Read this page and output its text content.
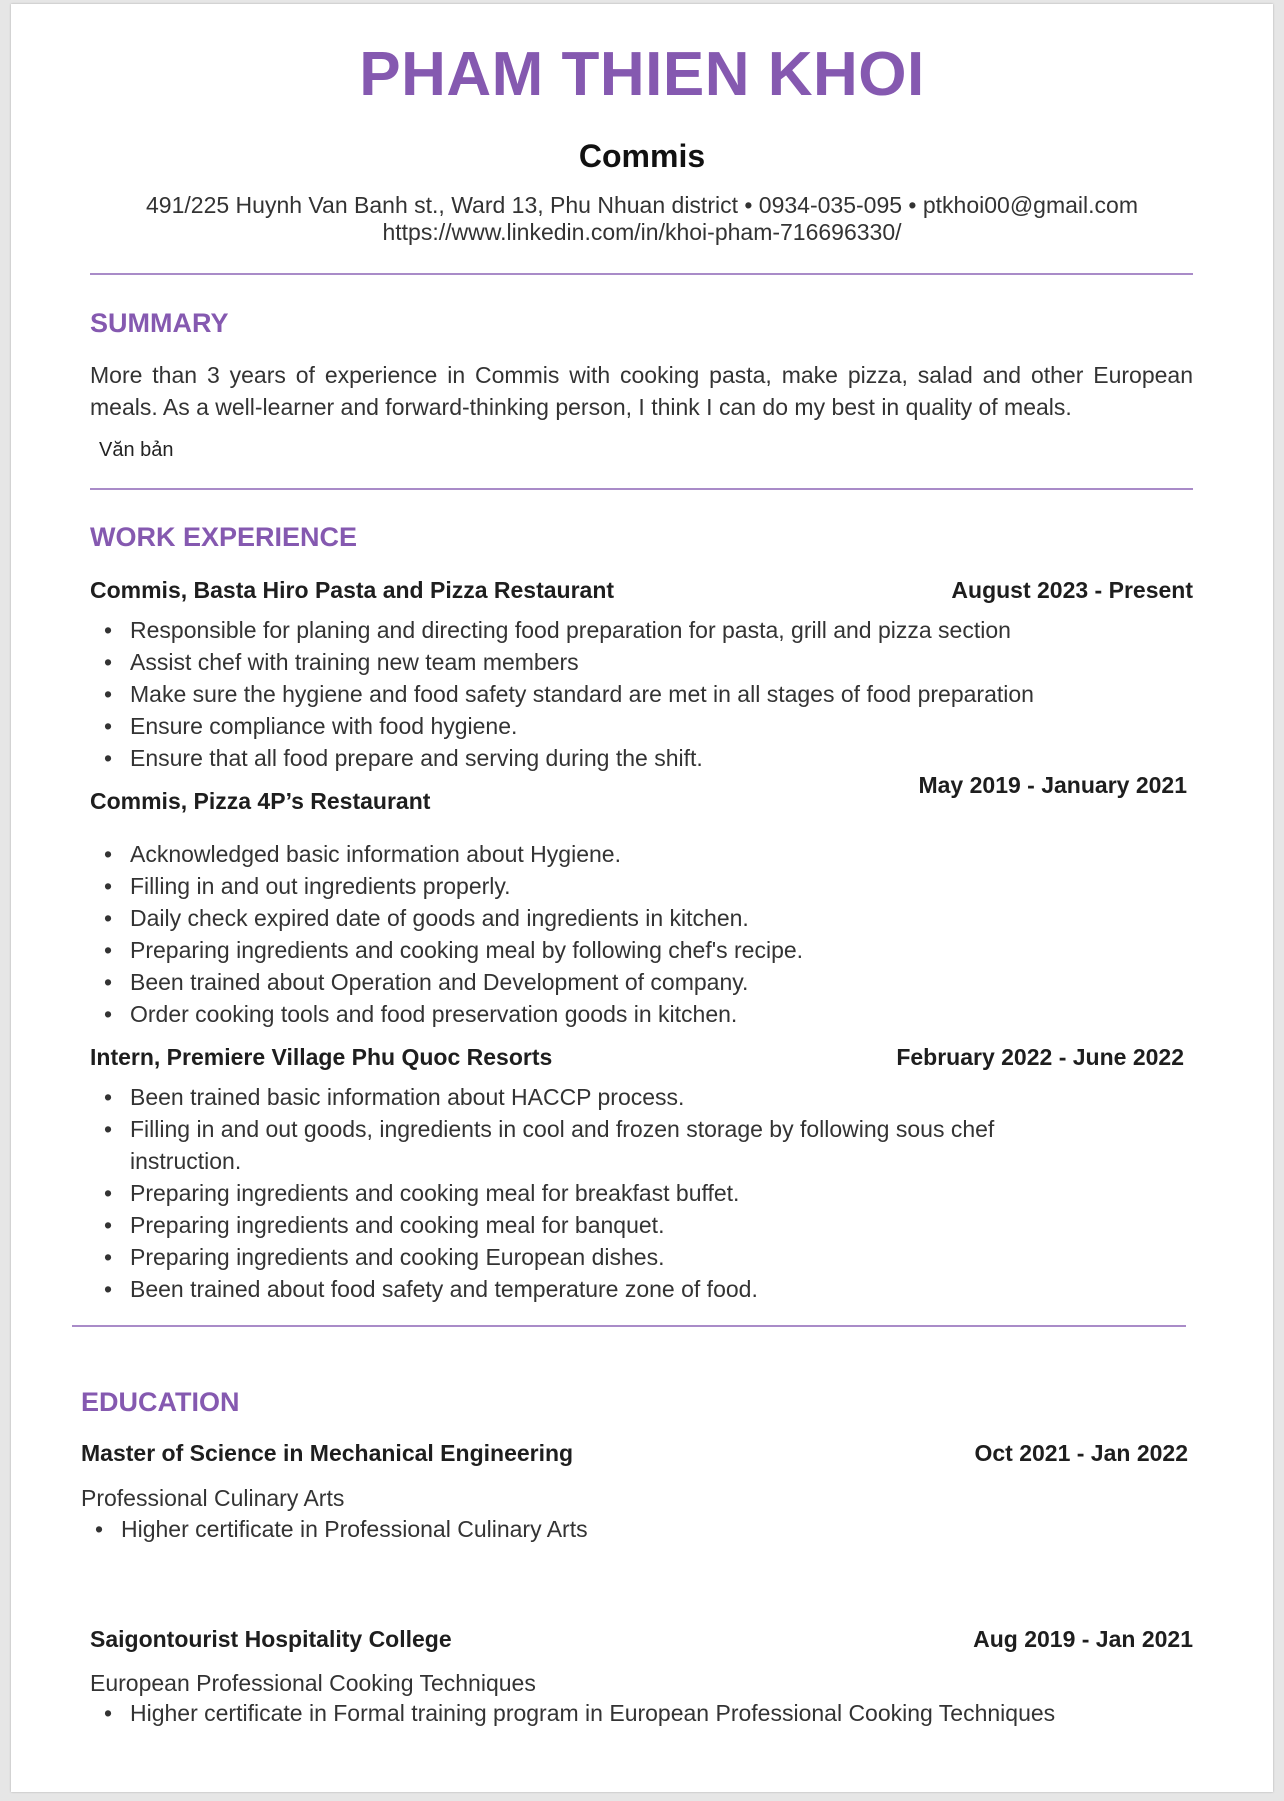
PHAM THIEN KHOI
Commis
491/225 Huynh Van Banh st., Ward 13, Phu Nhuan district • 0934-035-095 • ptkhoi00@gmail.com
https://www.linkedin.com/in/khoi-pham-716696330/
SUMMARY
More than 3 years of experience in Commis with cooking pasta, make pizza, salad and other European meals. As a well-learner and forward-thinking person, I think I can do my best in quality of meals.
Văn bản
WORK EXPERIENCE
Commis, Basta Hiro Pasta and Pizza Restaurant	August 2023 - Present
• Responsible for planing and directing food preparation for pasta, grill and pizza section
• Assist chef with training new team members
• Make sure the hygiene and food safety standard are met in all stages of food preparation
• Ensure compliance with food hygiene.
• Ensure that all food prepare and serving during the shift.
Commis, Pizza 4P’s Restaurant
May 2019 - January 2021
• Acknowledged basic information about Hygiene.
• Filling in and out ingredients properly.
• Daily check expired date of goods and ingredients in kitchen.
• Preparing ingredients and cooking meal by following chef's recipe.
• Been trained about Operation and Development of company.
• Order cooking tools and food preservation goods in kitchen.
Intern, Premiere Village Phu Quoc Resorts	February 2022 - June 2022
• Been trained basic information about HACCP process.
• Filling in and out goods, ingredients in cool and frozen storage by following sous chef instruction.
• Preparing ingredients and cooking meal for breakfast buffet.
• Preparing ingredients and cooking meal for banquet.
• Preparing ingredients and cooking European dishes.
• Been trained about food safety and temperature zone of food.
EDUCATION
Master of Science in Mechanical Engineering	Oct 2021 - Jan 2022
Professional Culinary Arts
• Higher certificate in Professional Culinary Arts
Saigontourist Hospitality College	Aug 2019 - Jan 2021
European Professional Cooking Techniques
• Higher certificate in Formal training program in European Professional Cooking Techniques
